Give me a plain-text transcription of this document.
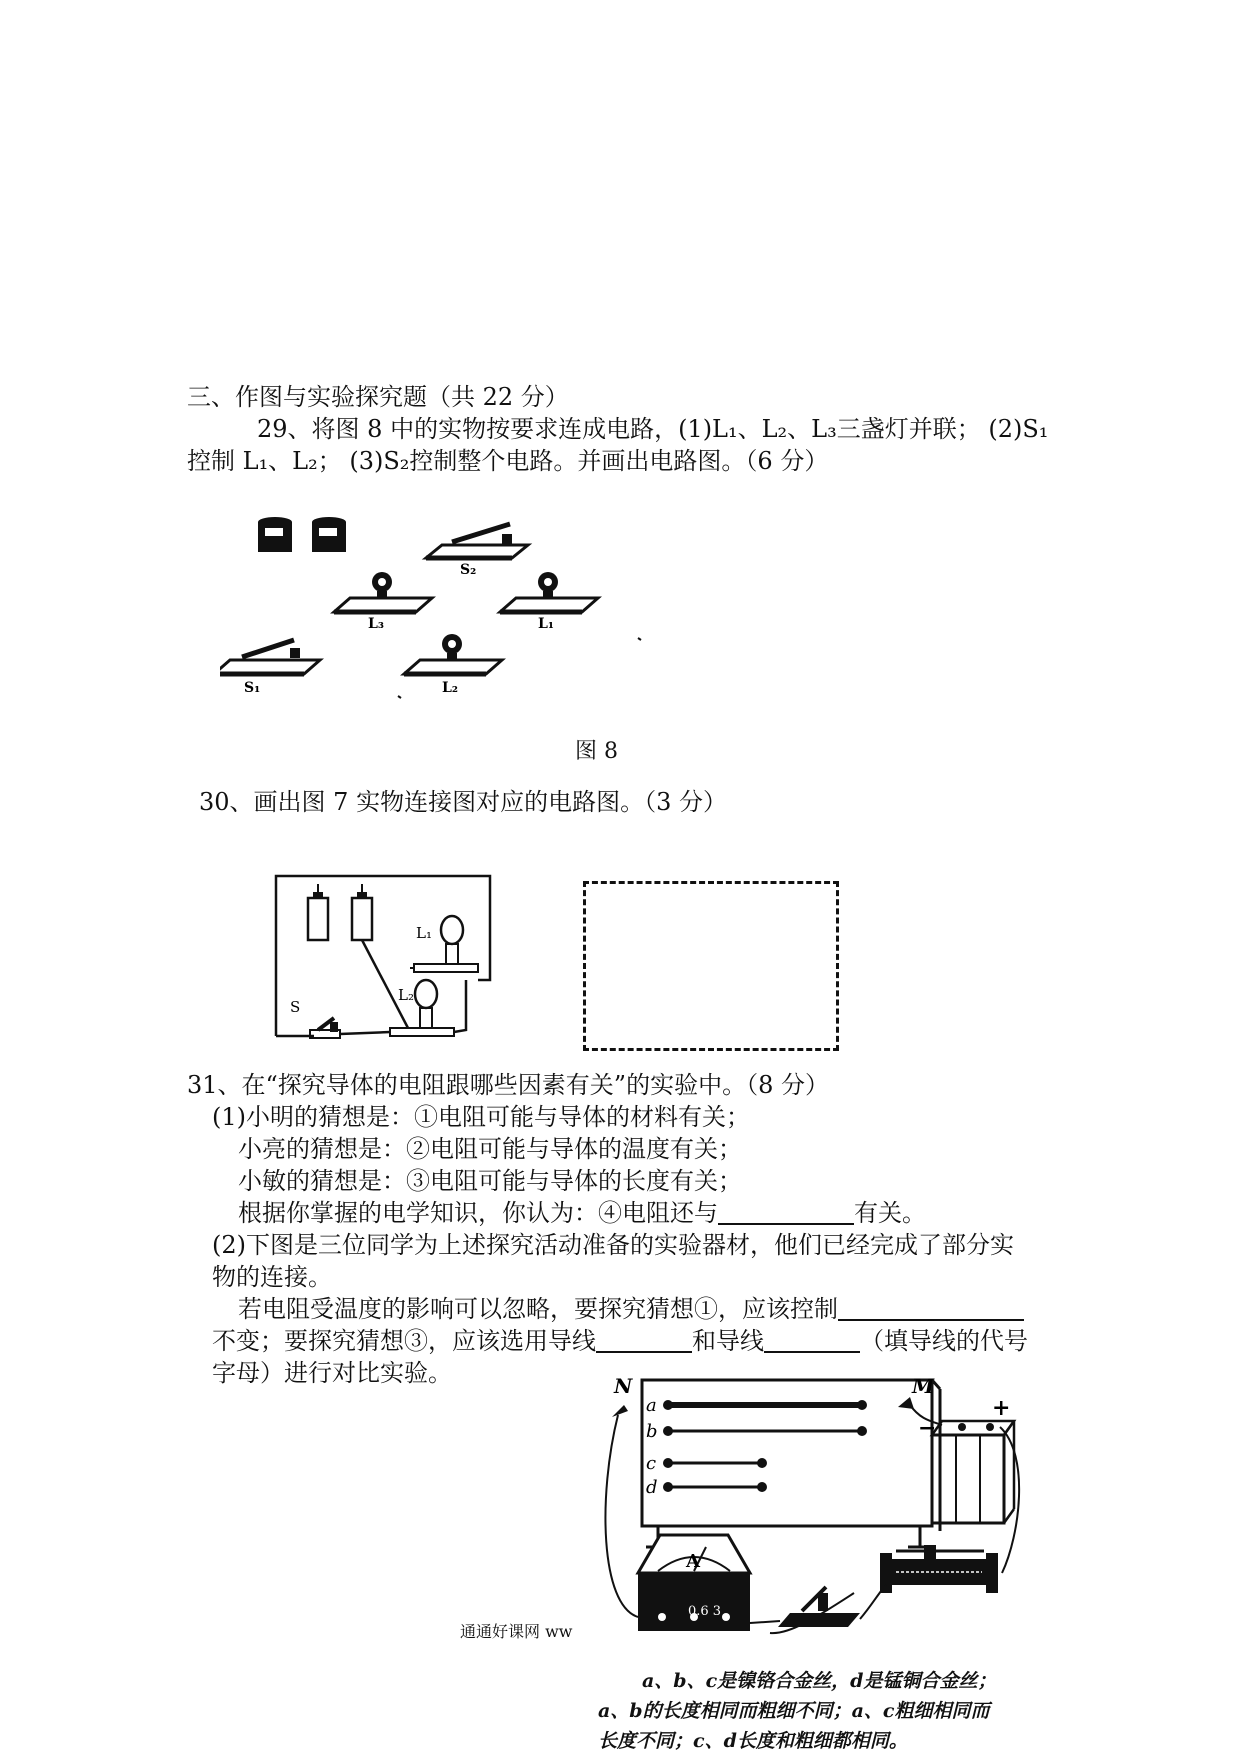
三、作图与实验探究题（共 22 分）
29、将图 8 中的实物按要求连成电路，(1)L₁、L₂、L₃三盏灯并联； (2)S₁
控制 L₁、L₂； (3)S₂控制整个电路。并画出电路图。（6 分）
S₂
L₃	L₁
S₁	L₂
图 8
30、画出图 7 实物连接图对应的电路图。（3 分）
L₁
L₂
S
31、在“探究导体的电阻跟哪些因素有关”的实验中。（8 分）
(1)小明的猜想是：①电阻可能与导体的材料有关；
小亮的猜想是：②电阻可能与导体的温度有关；
小敏的猜想是：③电阻可能与导体的长度有关；
根据你掌握的电学知识，你认为：④电阻还与	有关。
(2)下图是三位同学为上述探究活动准备的实验器材，他们已经完成了部分实
物的连接。
若电阻受温度的影响可以忽略，要探究猜想①，应该控制
不变；要探究猜想③，应该选用导线	和导线	（填导线的代号
字母）进行对比实验。
a
b
c
d
N	M
+
−
A
0.6 3
a、b、c是镍铬合金丝，d是锰铜合金丝；
a、b的长度相同而粗细不同；a、c粗细相同而
长度不同；c、d长度和粗细都相同。
通通好课网 ww
